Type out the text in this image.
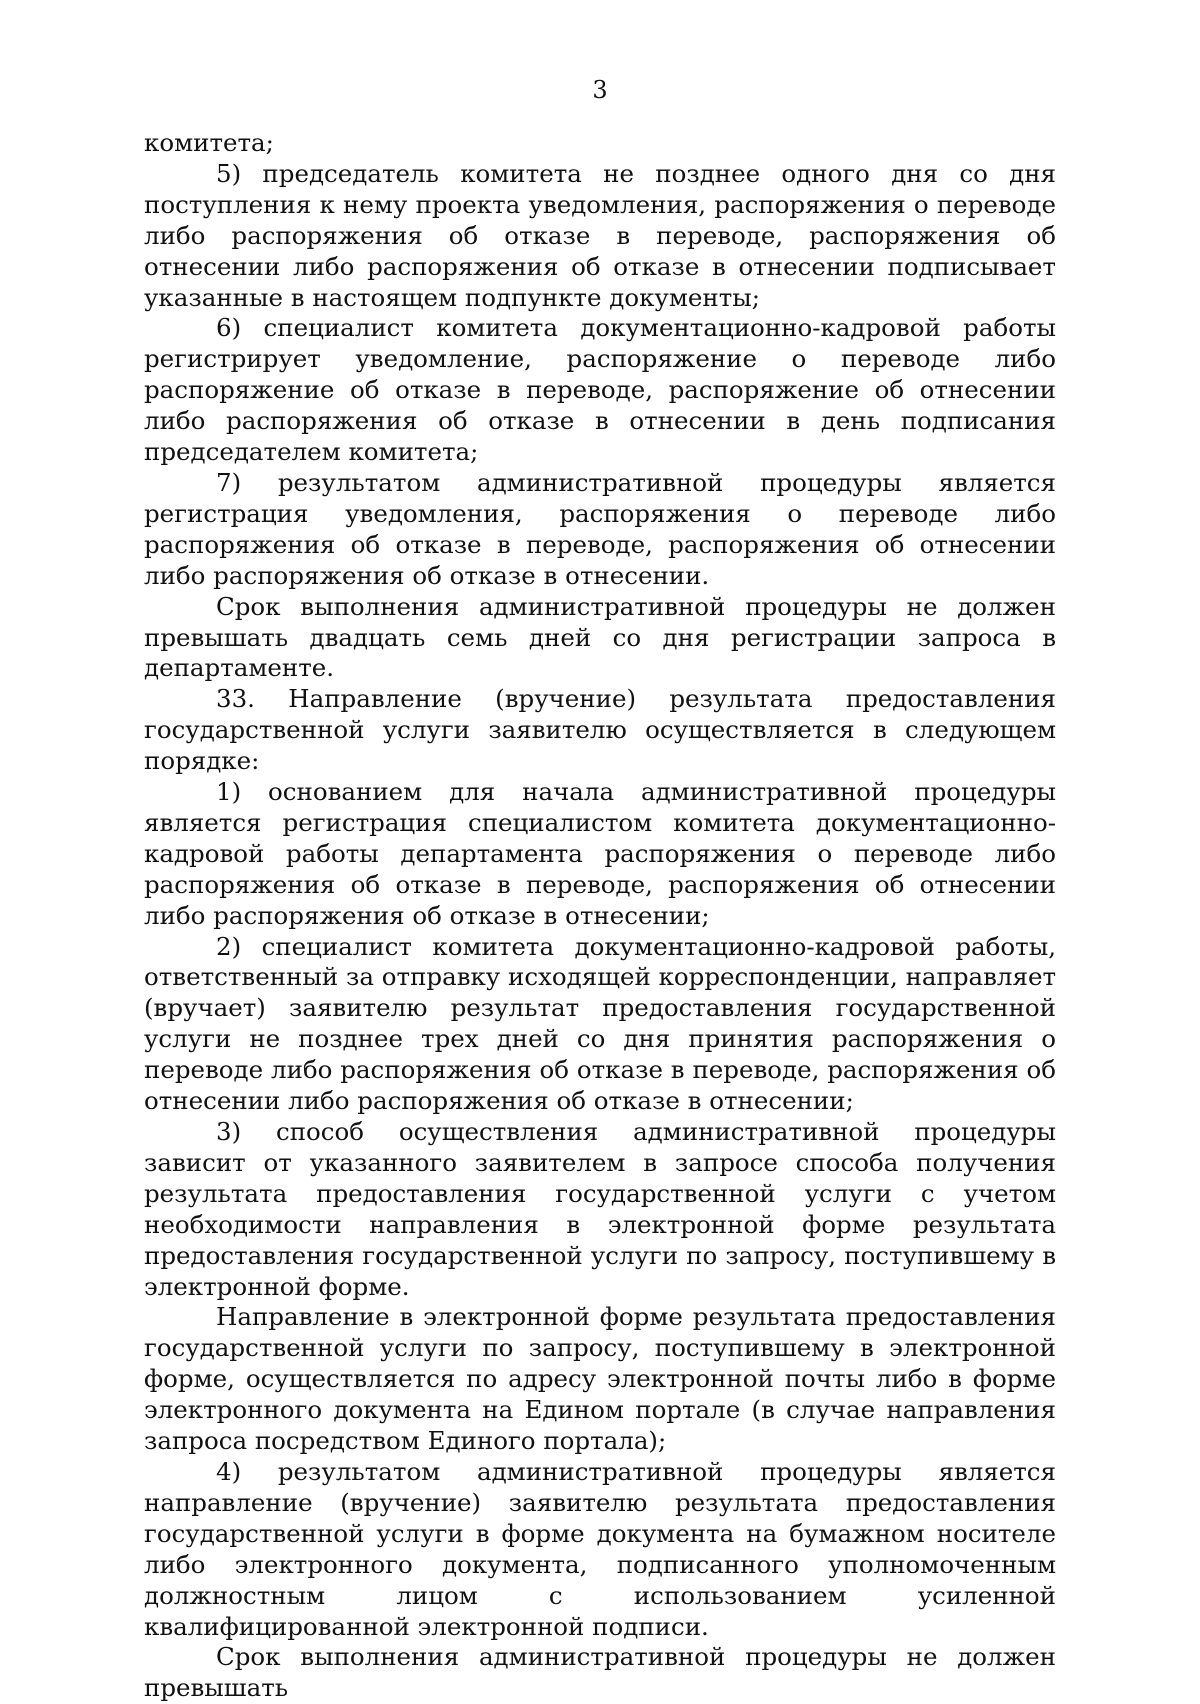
3

комитета;

5) председатель комитета не позднее одного дня со дня поступления к нему проекта уведомления, распоряжения о переводе либо распоряжения об отказе в переводе, распоряжения об отнесении либо распоряжения об отказе в отнесении подписывает указанные в настоящем подпункте документы;

6) специалист комитета документационно-кадровой работы регистрирует уведомление, распоряжение о переводе либо распоряжение об отказе в переводе, распоряжение об отнесении либо распоряжения об отказе в отнесении в день подписания председателем комитета;

7) результатом административной процедуры является регистрация уведомления, распоряжения о переводе либо распоряжения об отказе в переводе, распоряжения об отнесении либо распоряжения об отказе в отнесении.

Срок выполнения административной процедуры не должен превышать двадцать семь дней со дня регистрации запроса в департаменте.

33. Направление (вручение) результата предоставления государственной услуги заявителю осуществляется в следующем порядке:

1) основанием для начала административной процедуры является регистрация специалистом комитета документационно-кадровой работы департамента распоряжения о переводе либо распоряжения об отказе в переводе, распоряжения об отнесении либо распоряжения об отказе в отнесении;

2) специалист комитета документационно-кадровой работы, ответственный за отправку исходящей корреспонденции, направляет (вручает) заявителю результат предоставления государственной услуги не позднее трех дней со дня принятия распоряжения о переводе либо распоряжения об отказе в переводе, распоряжения об отнесении либо распоряжения об отказе в отнесении;

3) способ осуществления административной процедуры зависит от указанного заявителем в запросе способа получения результата предоставления государственной услуги с учетом необходимости направления в электронной форме результата предоставления государственной услуги по запросу, поступившему в электронной форме.

Направление в электронной форме результата предоставления государственной услуги по запросу, поступившему в электронной форме, осуществляется по адресу электронной почты либо в форме электронного документа на Едином портале (в случае направления запроса посредством Единого портала);

4) результатом административной процедуры является направление (вручение) заявителю результата предоставления государственной услуги в форме документа на бумажном носителе либо электронного документа, подписанного уполномоченным должностным лицом с использованием усиленной квалифицированной электронной подписи.

Срок выполнения административной процедуры не должен превышать
